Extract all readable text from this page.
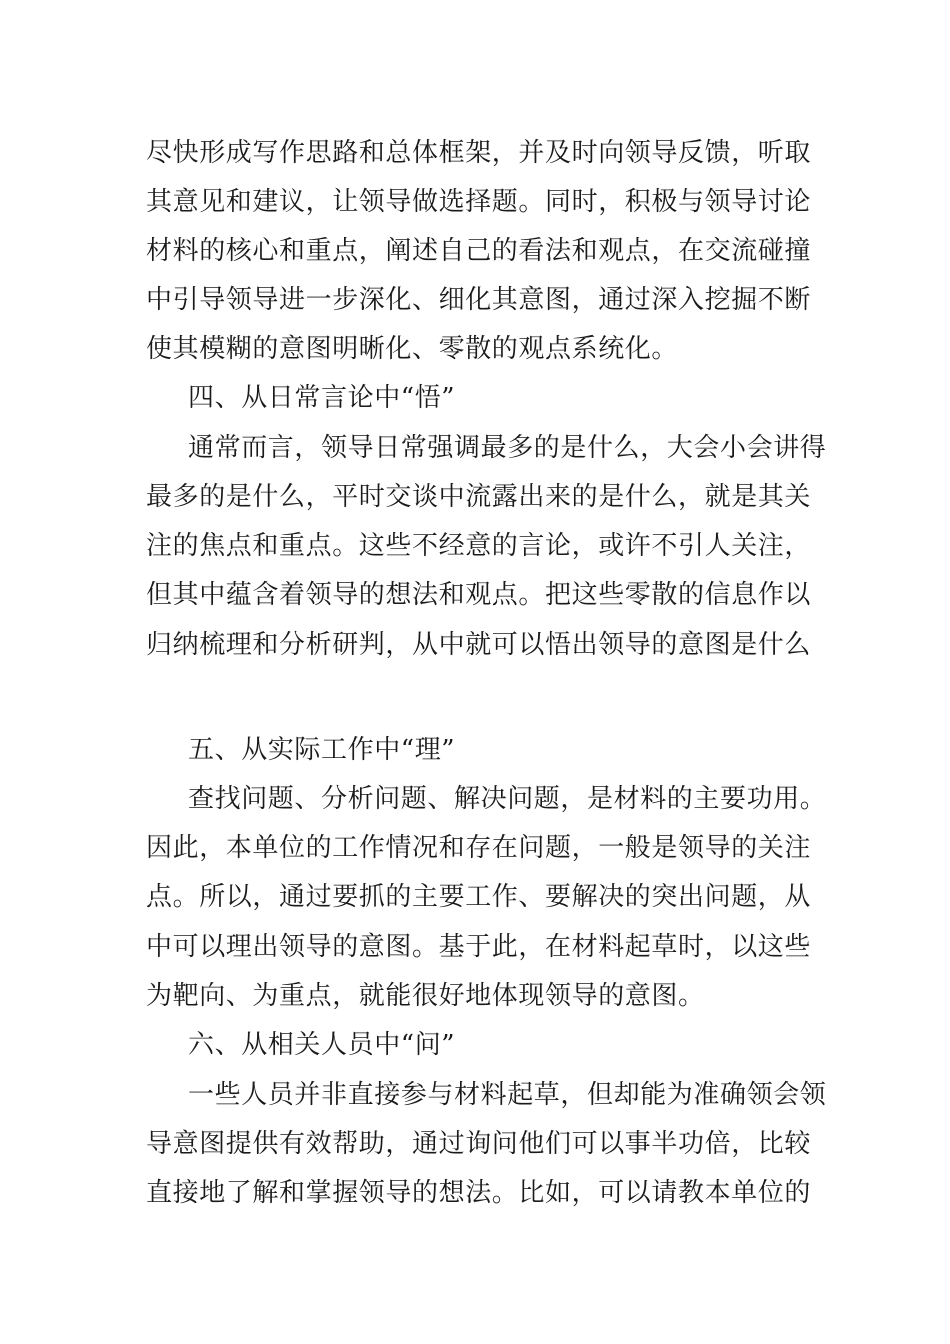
尽快形成写作思路和总体框架，并及时向领导反馈，听取
其意见和建议，让领导做选择题。同时，积极与领导讨论
材料的核心和重点，阐述自己的看法和观点，在交流碰撞
中引导领导进一步深化、细化其意图，通过深入挖掘不断
使其模糊的意图明晰化、零散的观点系统化。
四、从日常言论中“悟”
通常而言，领导日常强调最多的是什么，大会小会讲得
最多的是什么，平时交谈中流露出来的是什么，就是其关
注的焦点和重点。这些不经意的言论，或许不引人关注，
但其中蕴含着领导的想法和观点。把这些零散的信息作以
归纳梳理和分析研判，从中就可以悟出领导的意图是什么
五、从实际工作中“理”
查找问题、分析问题、解决问题，是材料的主要功用。
因此，本单位的工作情况和存在问题，一般是领导的关注
点。所以，通过要抓的主要工作、要解决的突出问题，从
中可以理出领导的意图。基于此，在材料起草时，以这些
为靶向、为重点，就能很好地体现领导的意图。
六、从相关人员中“问”
一些人员并非直接参与材料起草，但却能为准确领会领
导意图提供有效帮助，通过询问他们可以事半功倍，比较
直接地了解和掌握领导的想法。比如，可以请教本单位的
